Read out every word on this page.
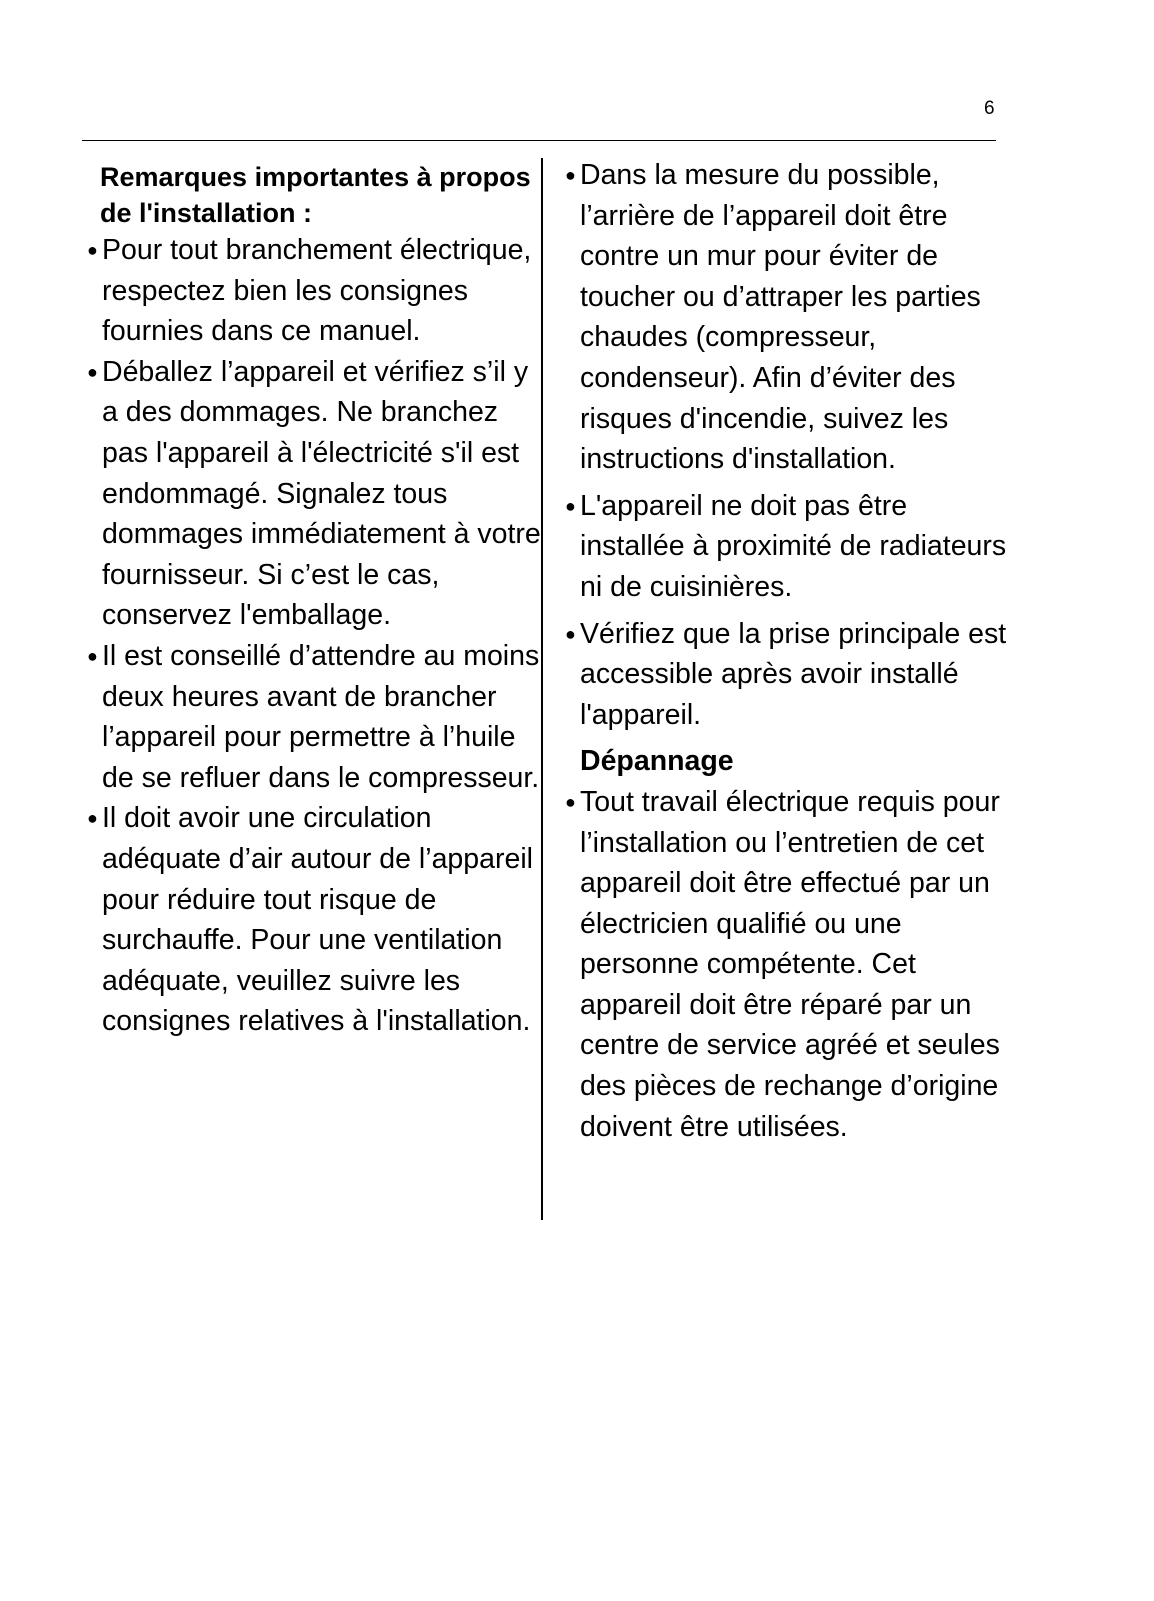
6
Remarques importantes à propos de l'installation :
● Pour tout branchement électrique, respectez bien les consignes fournies dans ce manuel.
● Déballez l’appareil et vérifiez s’il y a des dommages. Ne branchez pas l'appareil à l'électricité s'il est endommagé. Signalez tous dommages immédiatement à votre fournisseur. Si c’est le cas, conservez l'emballage.
● Il est conseillé d’attendre au moins deux heures avant de brancher l’appareil pour permettre à l’huile de se refluer dans le compresseur.
● Il doit avoir une circulation adéquate d’air autour de l’appareil pour réduire tout risque de surchauffe. Pour une ventilation adéquate, veuillez suivre les consignes relatives à l'installation.
● Dans la mesure du possible, l’arrière de l’appareil doit être contre un mur pour éviter de toucher ou d’attraper les parties chaudes (compresseur, condenseur). Afin d’éviter des risques d'incendie, suivez les instructions d'installation.
● L'appareil ne doit pas être installée à proximité de radiateurs ni de cuisinières.
● Vérifiez que la prise principale est accessible après avoir installé l'appareil.
Dépannage
● Tout travail électrique requis pour l’installation ou l’entretien de cet appareil doit être effectué par un électricien qualifié ou une personne compétente. Cet appareil doit être réparé par un centre de service agréé et seules des pièces de rechange d’origine doivent être utilisées.
